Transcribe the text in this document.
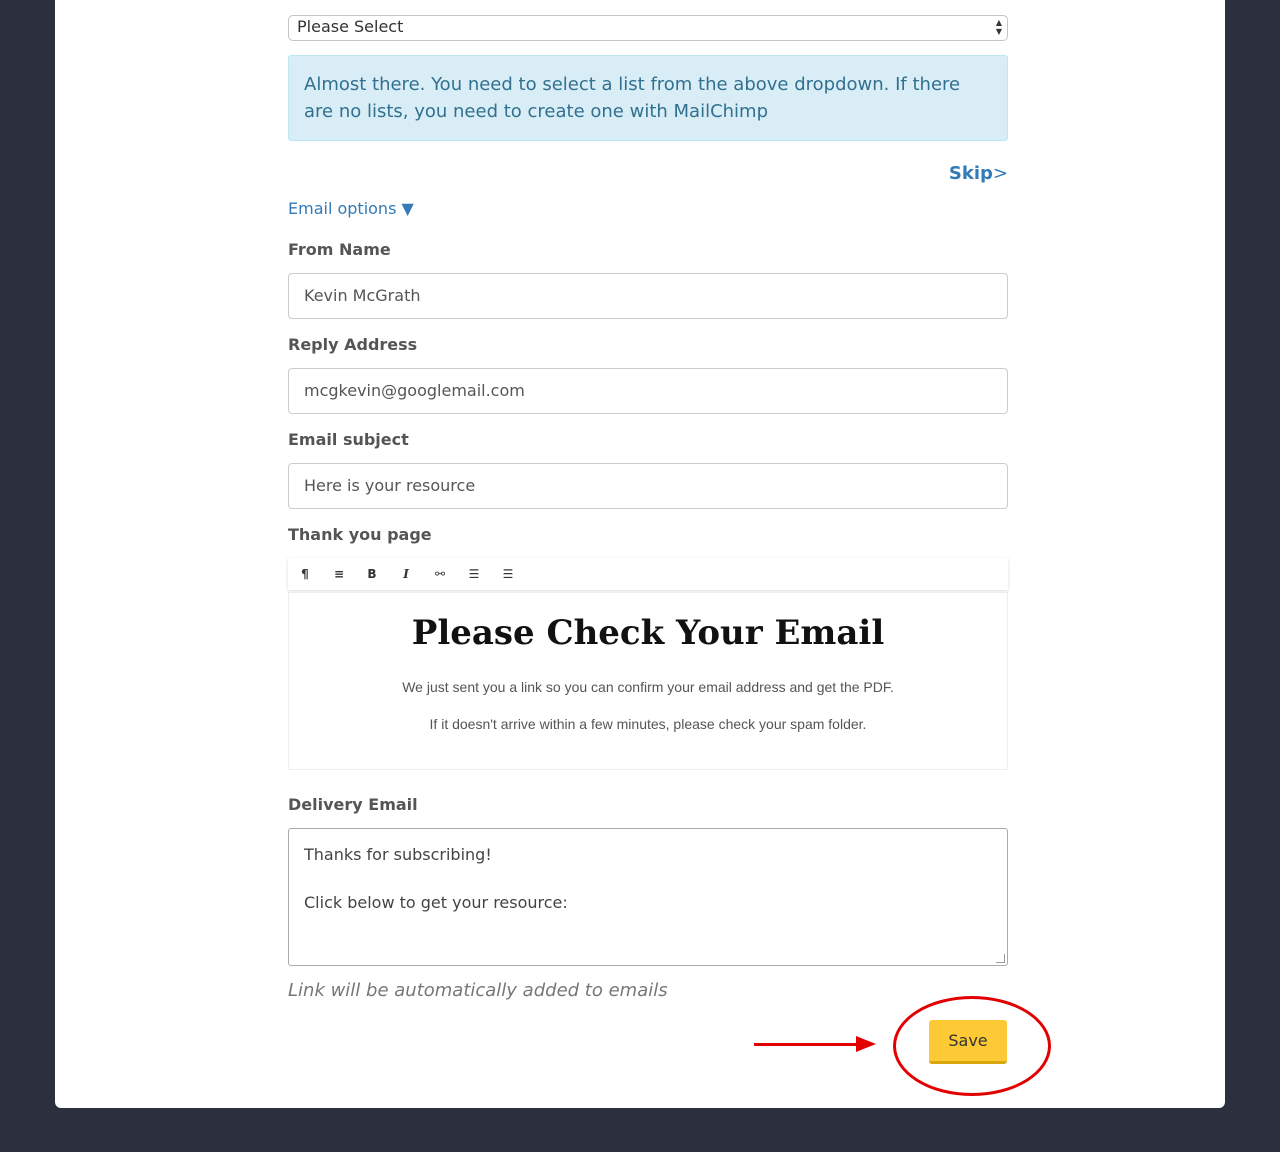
Please Select	▲
▼
Almost there. You need to select a list from the above dropdown. If there are no lists, you need to create one with MailChimp
Skip>
Email options ▼
From Name
Kevin McGrath
Reply Address
mcgkevin@googlemail.com
Email subject
Here is your resource
Thank you page
¶	≡	B	I	⚯	☰	☰
Please Check Your Email

We just sent you a link so you can confirm your email address and get the PDF.

If it doesn't arrive within a few minutes, please check your spam folder.

Delivery Email
Thanks for subscribing!
Click below to get your resource:
Link will be automatically added to emails
Save
